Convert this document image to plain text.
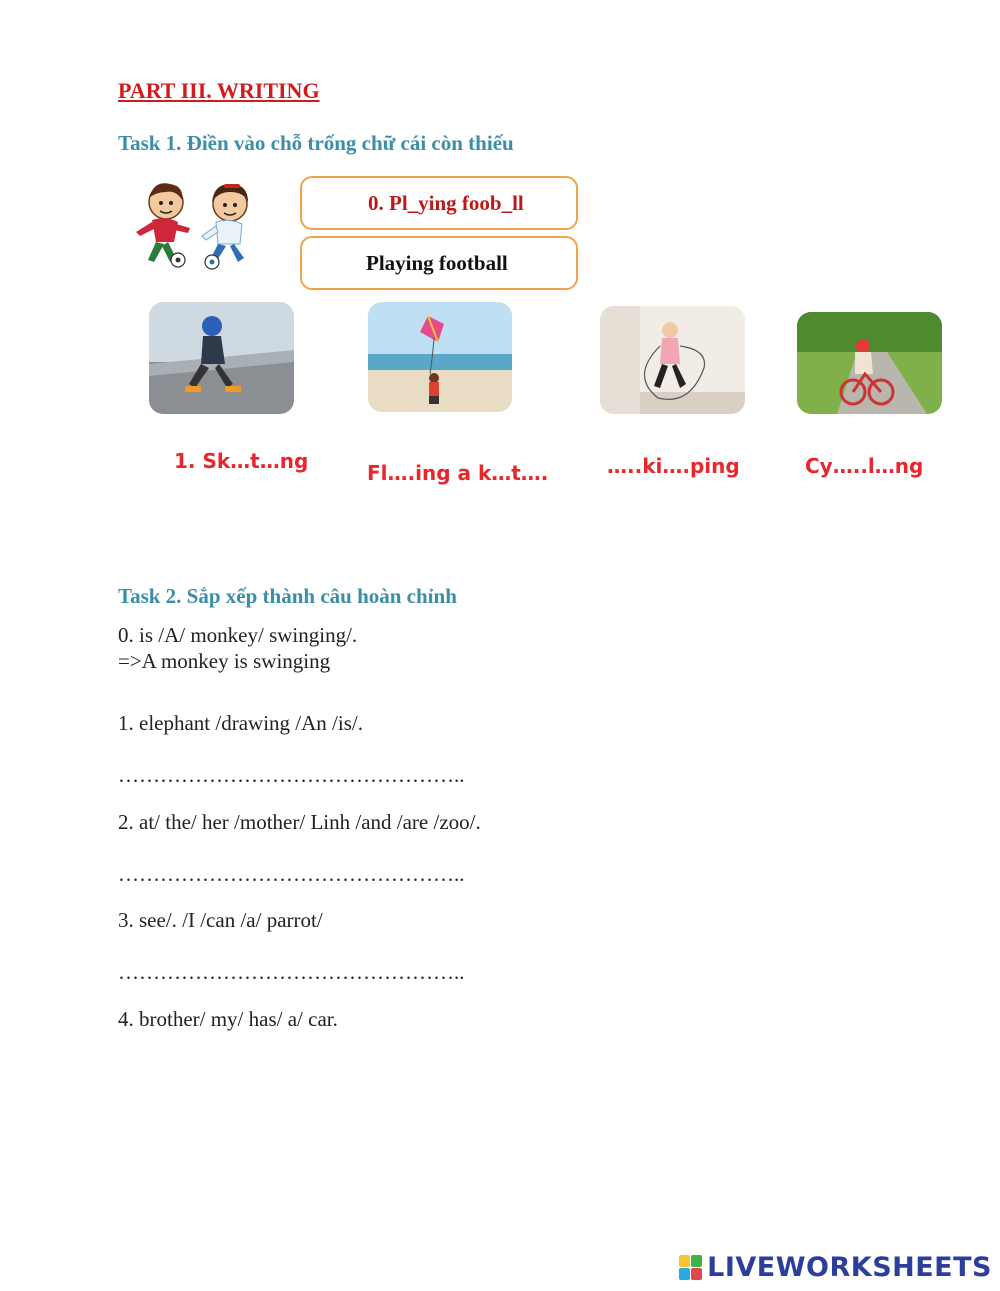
PART III. WRITING
Task 1. Điền vào chỗ trống chữ cái còn thiếu
0. Pl_ying foob_ll
Playing football
1. Sk…t…ng	Fl….ing a k…t….	…..ki….ping	Cy…..l…ng
Task 2. Sắp xếp thành câu hoàn chỉnh
0. is /A/ monkey/ swinging/.
=>A monkey is swinging
1. elephant /drawing /An /is/.
…………………………………………..
2. at/ the/ her /mother/ Linh /and /are /zoo/.
…………………………………………..
3. see/. /I /can /a/ parrot/
…………………………………………..
4. brother/ my/ has/ a/ car.
LIVEWORKSHEETS
